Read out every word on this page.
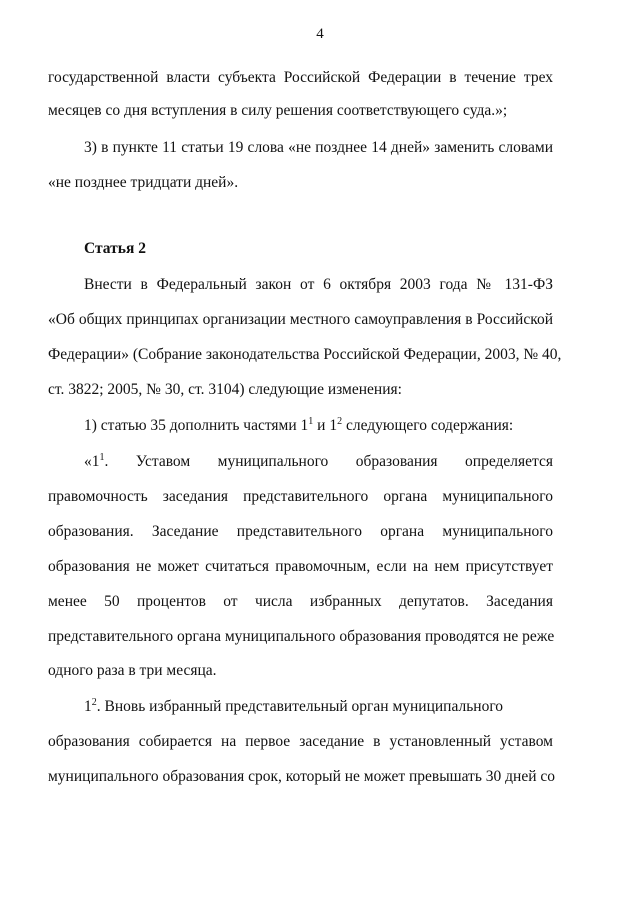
4
государственной власти субъекта Российской Федерации в течение трех
месяцев со дня вступления в силу решения соответствующего суда.»;
3) в пункте 11 статьи 19 слова «не позднее 14 дней» заменить словами
«не позднее тридцати дней».
Статья 2
Внести в Федеральный закон от 6 октября 2003 года № 131-ФЗ
«Об общих принципах организации местного самоуправления в Российской
Федерации» (Собрание законодательства Российской Федерации, 2003, № 40,
ст. 3822; 2005, № 30, ст. 3104) следующие изменения:
1) статью 35 дополнить частями $1^1$ и $1^2$ следующего содержания:
«$1^1$. Уставом муниципального образования определяется
правомочность заседания представительного органа муниципального
образования. Заседание представительного органа муниципального
образования не может считаться правомочным, если на нем присутствует
менее 50 процентов от числа избранных депутатов. Заседания
представительного органа муниципального образования проводятся не реже
одного раза в три месяца.
$1^2$. Вновь избранный представительный орган муниципального
образования собирается на первое заседание в установленный уставом
муниципального образования срок, который не может превышать 30 дней со
